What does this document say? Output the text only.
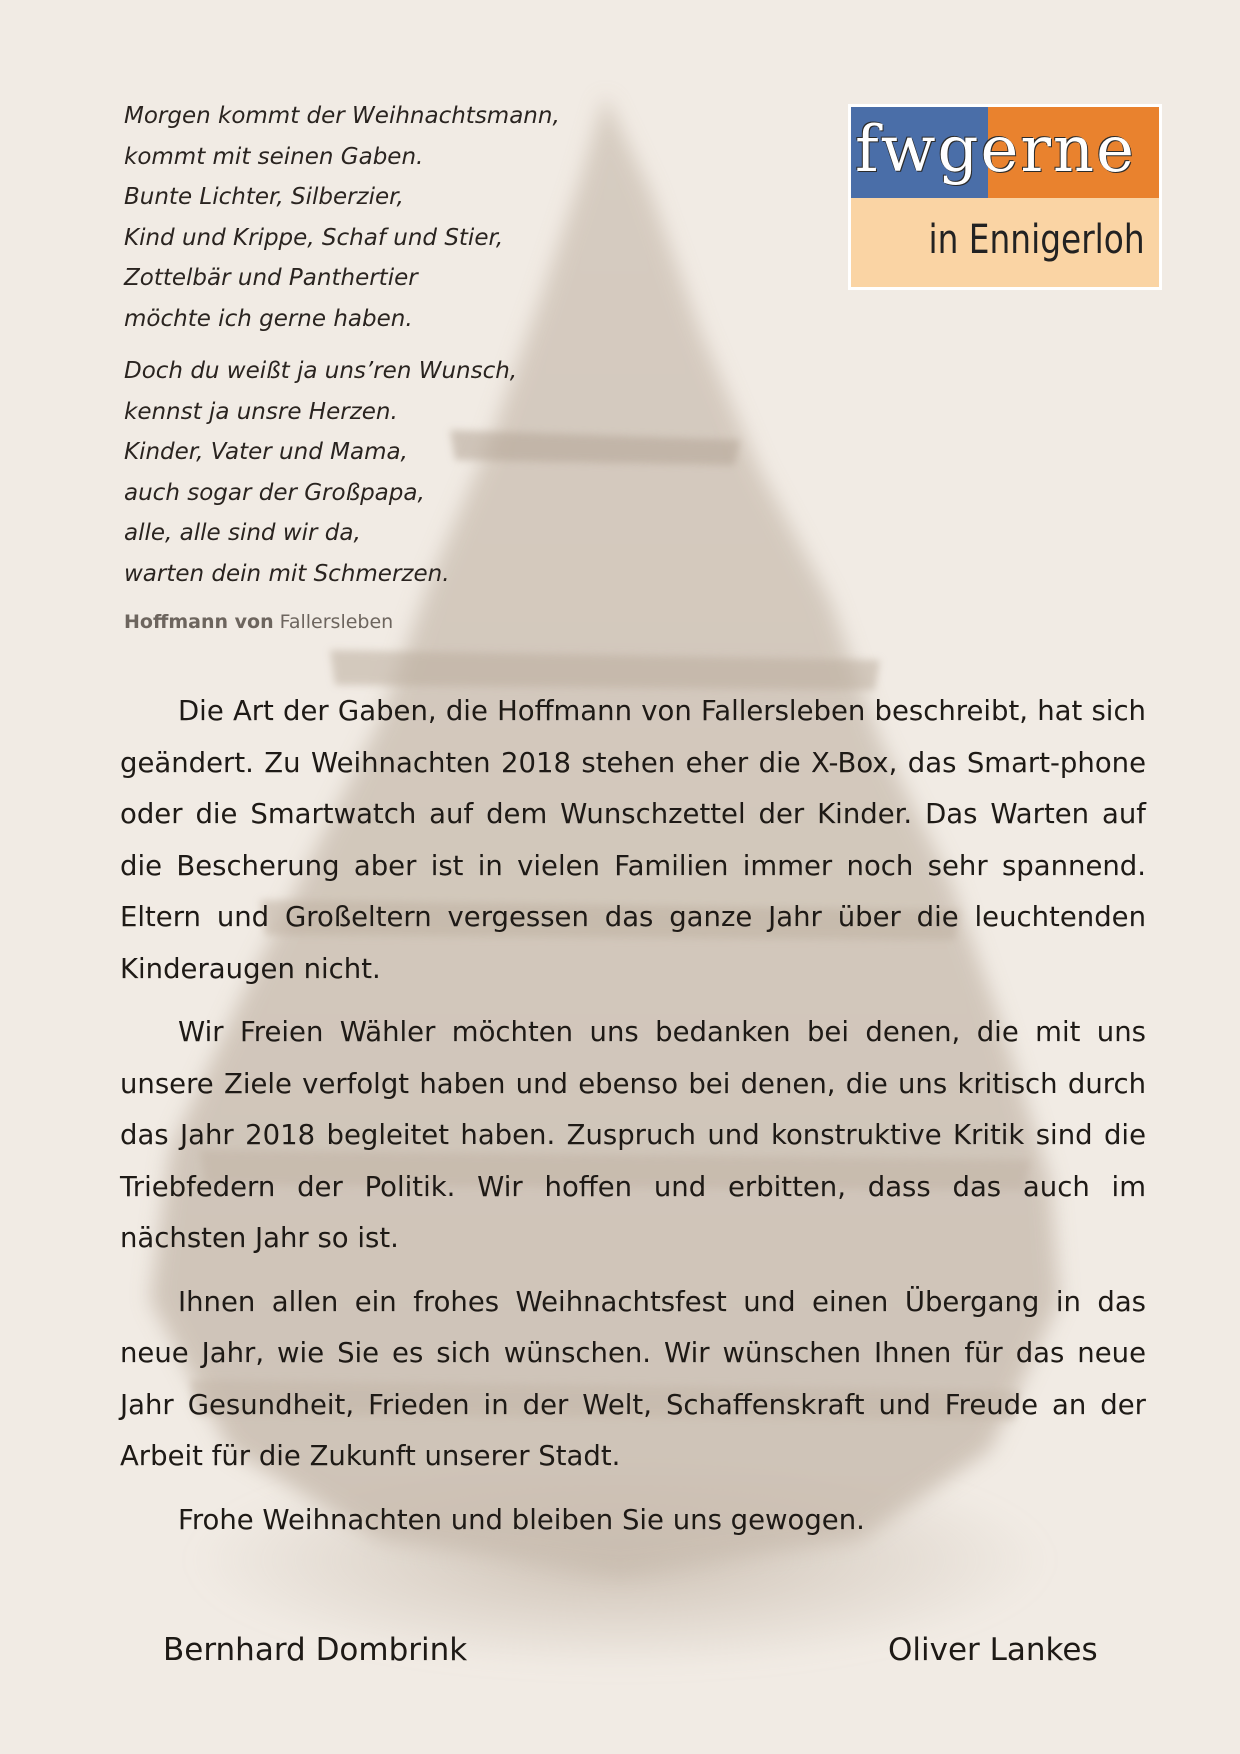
Morgen kommt der Weihnachtsmann,
kommt mit seinen Gaben.
Bunte Lichter, Silberzier,
Kind und Krippe, Schaf und Stier,
Zottelbär und Panthertier
möchte ich gerne haben.
Doch du weißt ja uns’ren Wunsch,
kennst ja unsre Herzen.
Kinder, Vater und Mama,
auch sogar der Großpapa,
alle, alle sind wir da,
warten dein mit Schmerzen.
Hoffmann von Fallersleben
fwgerne
in Ennigerloh

Die Art der Gaben, die Hoffmann von Fallersleben beschreibt, hat sich geändert. Zu Weihnachten 2018 stehen eher die X-Box, das Smart-phone oder die Smartwatch auf dem Wunschzettel der Kinder. Das Warten auf die Bescherung aber ist in vielen Familien immer noch sehr spannend. Eltern und Großeltern vergessen das ganze Jahr über die leuchtenden Kinderaugen nicht.

Wir Freien Wähler möchten uns bedanken bei denen, die mit uns unsere Ziele verfolgt haben und ebenso bei denen, die uns kritisch durch das Jahr 2018 begleitet haben. Zuspruch und konstruktive Kritik sind die Triebfedern der Politik. Wir hoffen und erbitten, dass das auch im nächsten Jahr so ist.

Ihnen allen ein frohes Weihnachtsfest und einen Übergang in das neue Jahr, wie Sie es sich wünschen. Wir wünschen Ihnen für das neue Jahr Gesundheit, Frieden in der Welt, Schaffenskraft und Freude an der Arbeit für die Zukunft unserer Stadt.

Frohe Weihnachten und bleiben Sie uns gewogen.

Bernhard Dombrink	Oliver Lankes
